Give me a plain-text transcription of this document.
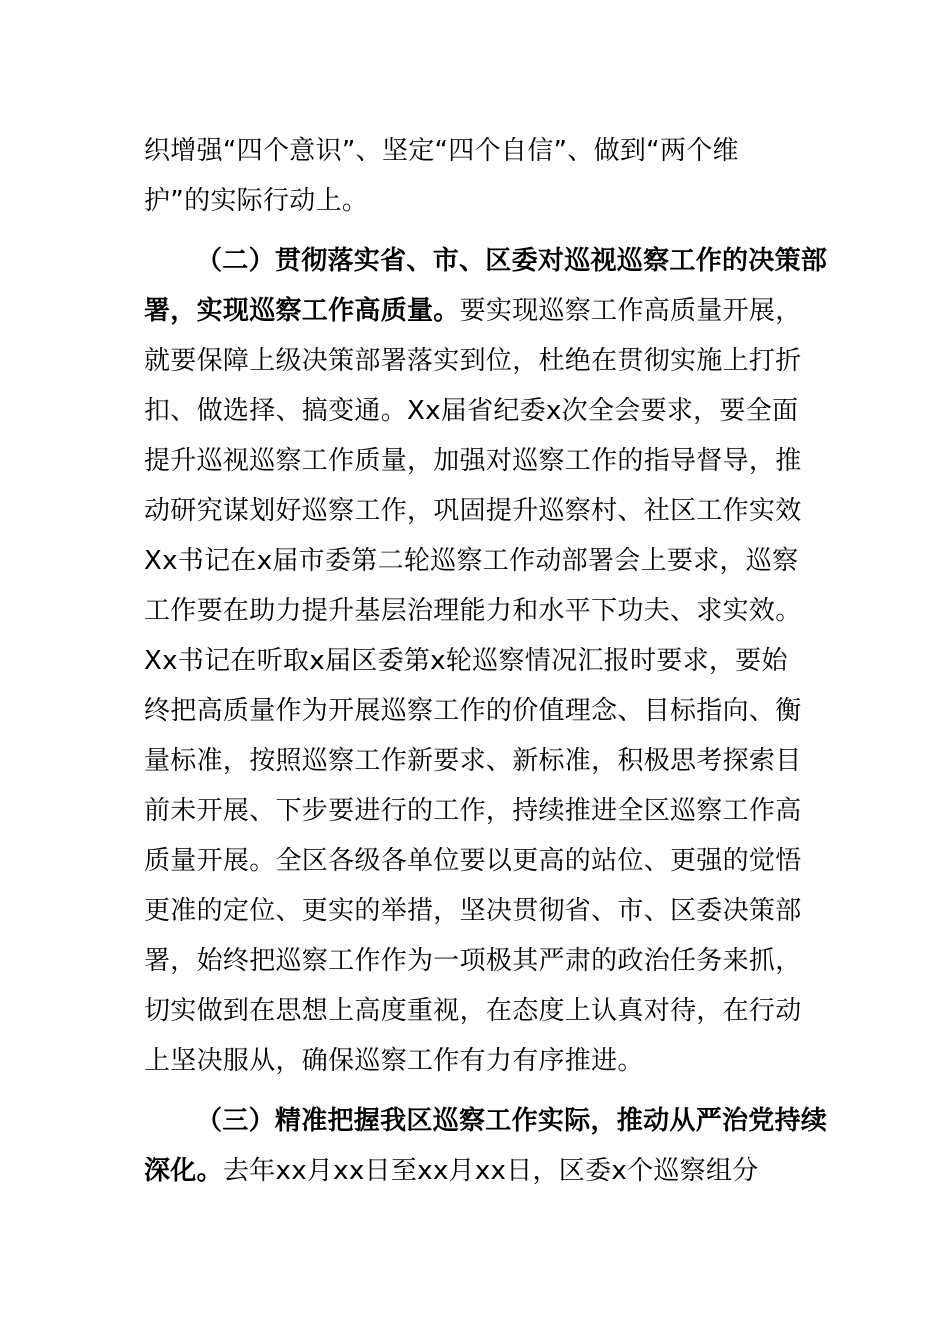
织增强“四个意识”、坚定“四个自信”、做到“两个维
护”的实际行动上。
（二）贯彻落实省、市、区委对巡视巡察工作的决策部
署，实现巡察工作高质量。要实现巡察工作高质量开展，
就要保障上级决策部署落实到位，杜绝在贯彻实施上打折
扣、做选择、搞变通。Xx届省纪委x次全会要求，要全面
提升巡视巡察工作质量，加强对巡察工作的指导督导，推
动研究谋划好巡察工作，巩固提升巡察村、社区工作实效
Xx书记在x届市委第二轮巡察工作动部署会上要求，巡察
工作要在助力提升基层治理能力和水平下功夫、求实效。
Xx书记在听取x届区委第x轮巡察情况汇报时要求，要始
终把高质量作为开展巡察工作的价值理念、目标指向、衡
量标准，按照巡察工作新要求、新标准，积极思考探索目
前未开展、下步要进行的工作，持续推进全区巡察工作高
质量开展。全区各级各单位要以更高的站位、更强的觉悟
更准的定位、更实的举措，坚决贯彻省、市、区委决策部
署，始终把巡察工作作为一项极其严肃的政治任务来抓，
切实做到在思想上高度重视，在态度上认真对待，在行动
上坚决服从，确保巡察工作有力有序推进。
（三）精准把握我区巡察工作实际，推动从严治党持续
深化。去年xx月xx日至xx月xx日，区委x个巡察组分
